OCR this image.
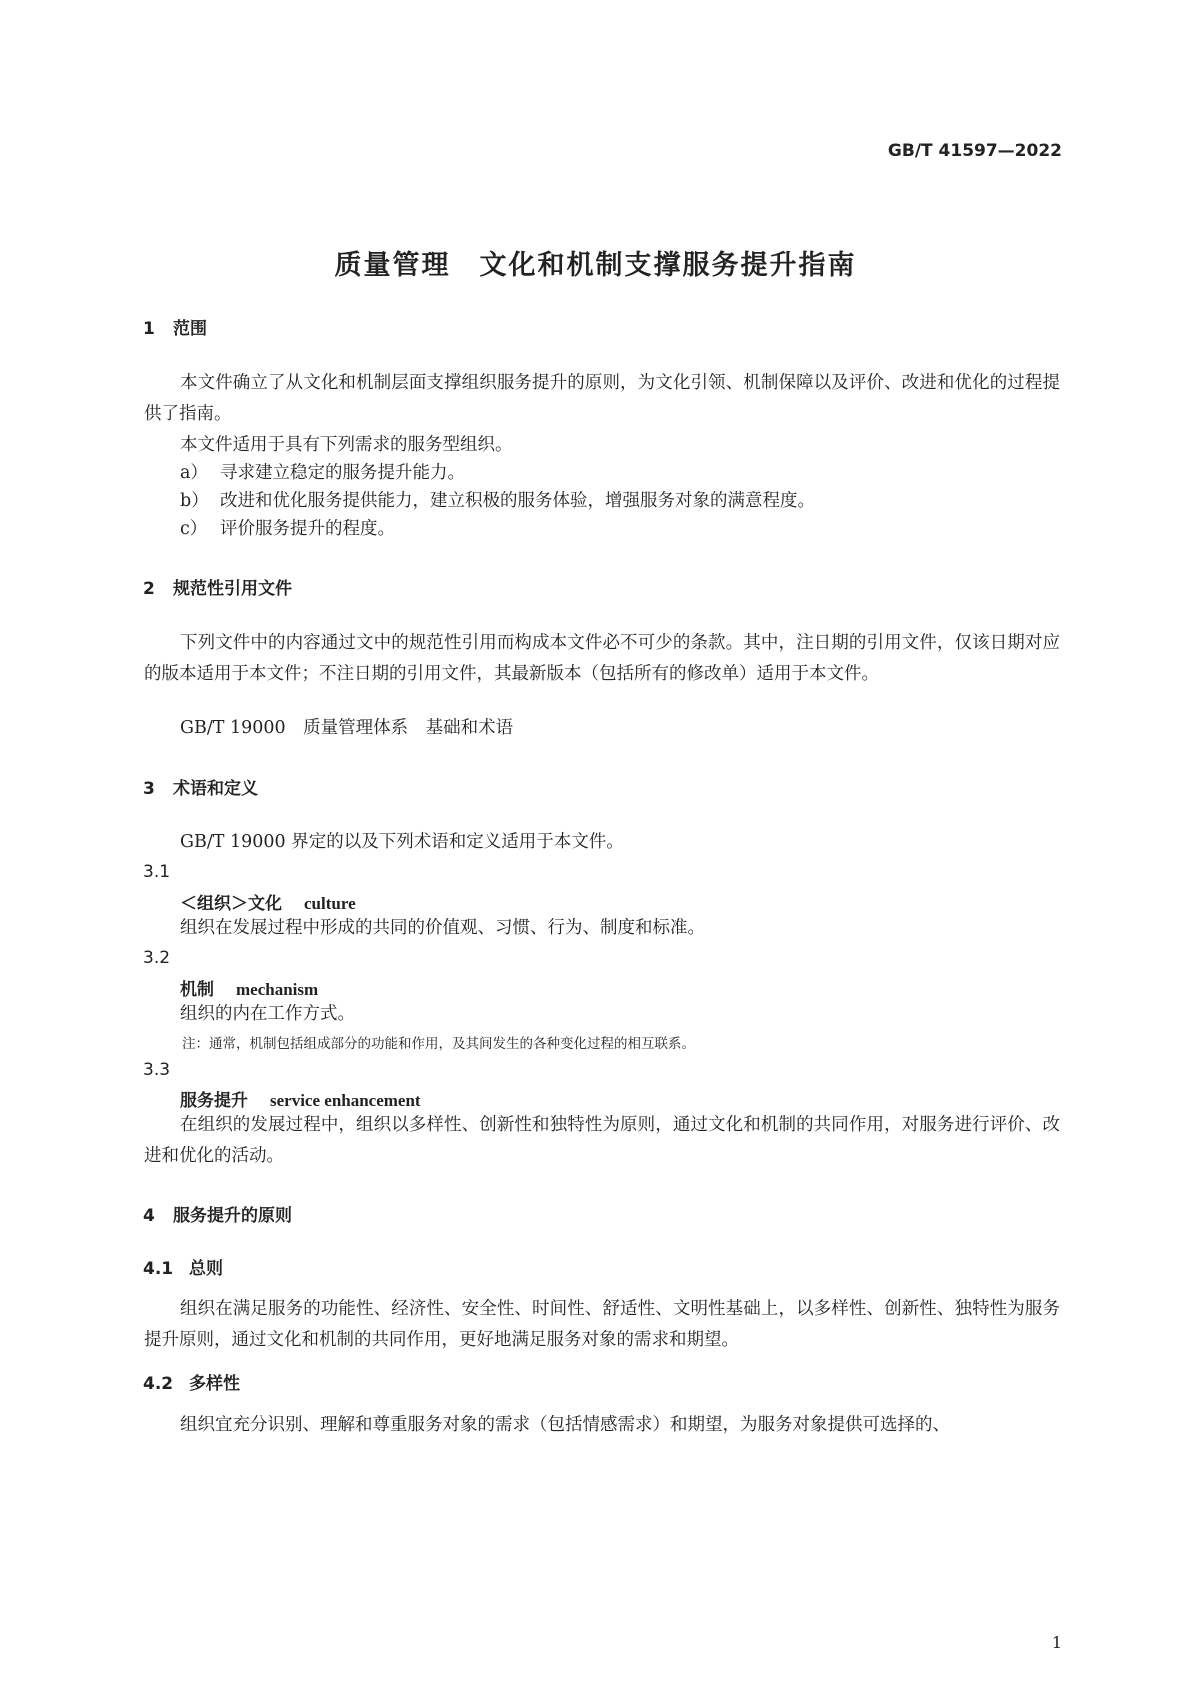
GB/T 41597—2022
质量管理　文化和机制支撑服务提升指南
1 范围
本文件确立了从文化和机制层面支撑组织服务提升的原则，为文化引领、机制保障以及评价、改进和优化的过程提供了指南。
本文件适用于具有下列需求的服务型组织。
a） 寻求建立稳定的服务提升能力。
b） 改进和优化服务提供能力，建立积极的服务体验，增强服务对象的满意程度。
c） 评价服务提升的程度。
2 规范性引用文件
下列文件中的内容通过文中的规范性引用而构成本文件必不可少的条款。其中，注日期的引用文件，仅该日期对应的版本适用于本文件；不注日期的引用文件，其最新版本（包括所有的修改单）适用于本文件。
GB/T 19000　质量管理体系　基础和术语
3 术语和定义
GB/T 19000 界定的以及下列术语和定义适用于本文件。
3.1
＜组织＞文化 culture
组织在发展过程中形成的共同的价值观、习惯、行为、制度和标准。
3.2
机制 mechanism
组织的内在工作方式。
注：通常，机制包括组成部分的功能和作用，及其间发生的各种变化过程的相互联系。
3.3
服务提升 service enhancement
在组织的发展过程中，组织以多样性、创新性和独特性为原则，通过文化和机制的共同作用，对服务进行评价、改进和优化的活动。
4 服务提升的原则
4.1 总则
组织在满足服务的功能性、经济性、安全性、时间性、舒适性、文明性基础上，以多样性、创新性、独特性为服务提升原则，通过文化和机制的共同作用，更好地满足服务对象的需求和期望。
4.2 多样性
组织宜充分识别、理解和尊重服务对象的需求（包括情感需求）和期望，为服务对象提供可选择的、
1
